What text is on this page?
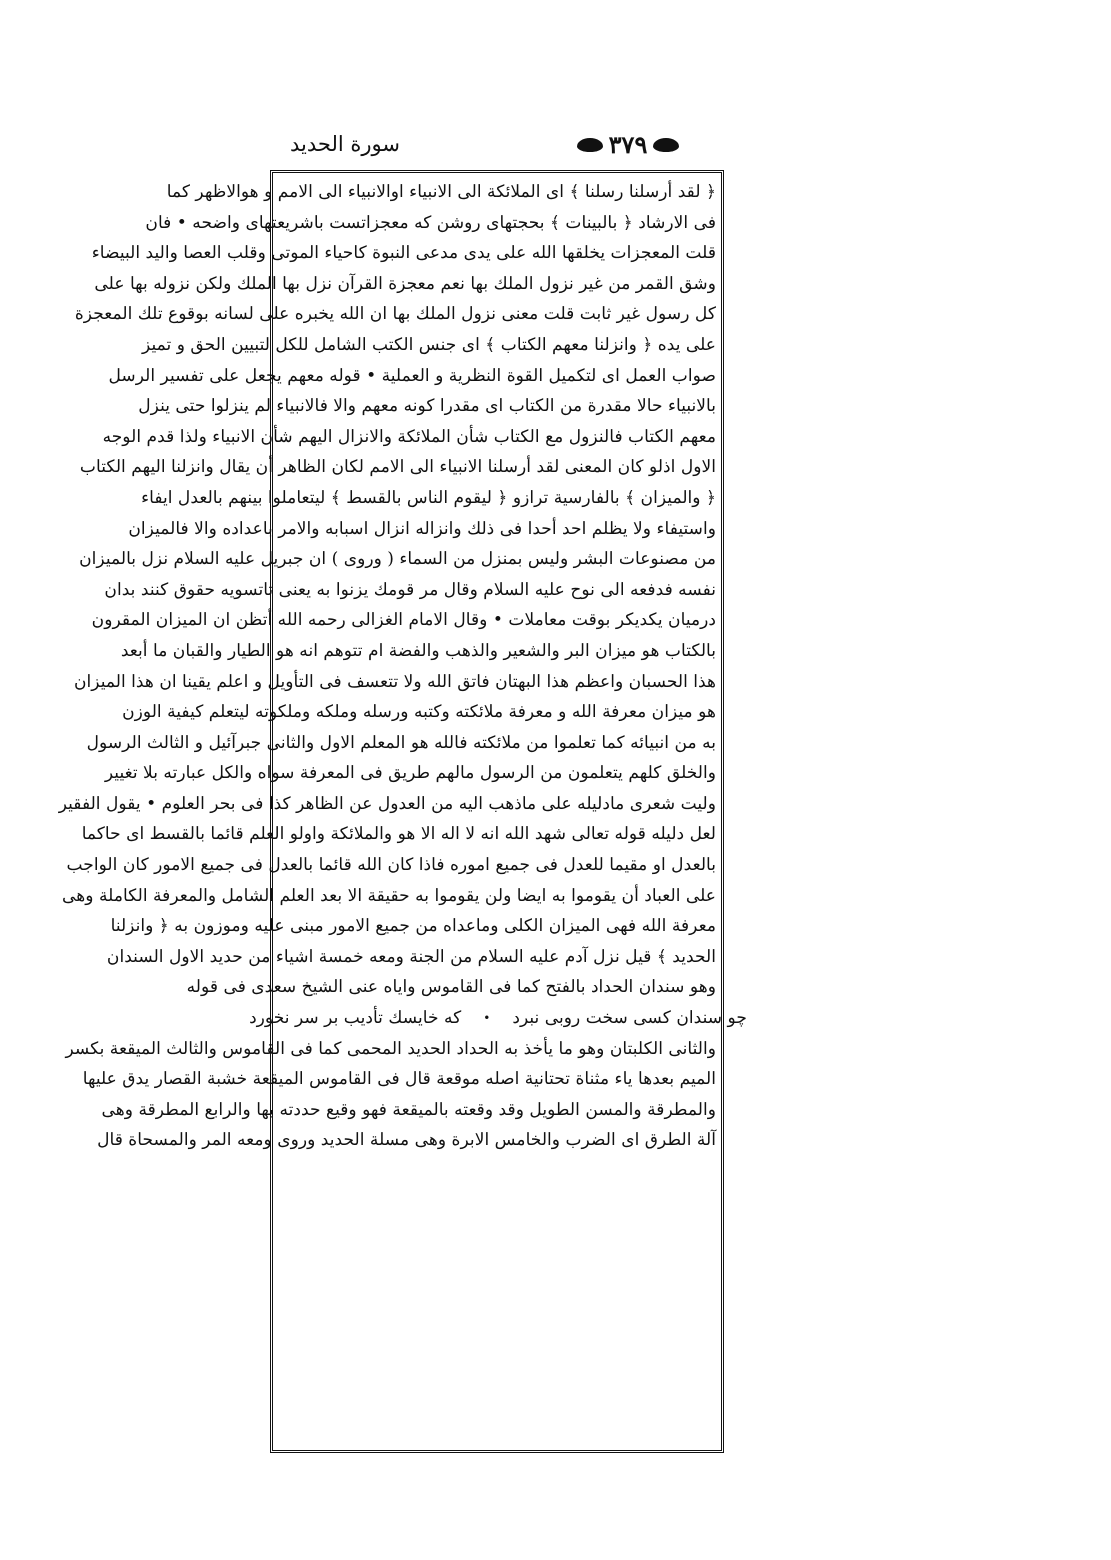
سورة الحديد	٣٧٩
﴿ لقد أرسلنا رسلنا ﴾ اى الملائكة الى الانبياء اوالانبياء الى الامم و هوالاظهر كما
فى الارشاد ﴿ بالبينات ﴾ بحجتهاى روشن كه معجزاتست باشريعتهاى واضحه • فان
قلت المعجزات يخلقها الله على يدى مدعى النبوة كاحياء الموتى وقلب العصا واليد البيضاء
وشق القمر من غير نزول الملك بها نعم معجزة القرآن نزل بها الملك ولكن نزوله بها على
كل رسول غير ثابت قلت معنى نزول الملك بها ان الله يخبره على لسانه بوقوع تلك المعجزة
على يده ﴿ وانزلنا معهم الكتاب ﴾ اى جنس الكتب الشامل للكل لتبيين الحق و تميز
صواب العمل اى لتكميل القوة النظرية و العملية • قوله معهم يجعل على تفسير الرسل
بالانبياء حالا مقدرة من الكتاب اى مقدرا كونه معهم والا فالانبياء لم ينزلوا حتى ينزل
معهم الكتاب فالنزول مع الكتاب شأن الملائكة والانزال اليهم شأن الانبياء ولذا قدم الوجه
الاول اذلو كان المعنى لقد أرسلنا الانبياء الى الامم لكان الظاهر أن يقال وانزلنا اليهم الكتاب
﴿ والميزان ﴾ بالفارسية ترازو ﴿ ليقوم الناس بالقسط ﴾ ليتعاملوا بينهم بالعدل ايفاء
واستيفاء ولا يظلم احد أحدا فى ذلك وانزاله انزال اسبابه والامر باعداده والا فالميزان
من مصنوعات البشر وليس بمنزل من السماء ( وروى ) ان جبريل عليه السلام نزل بالميزان
نفسه فدفعه الى نوح عليه السلام وقال مر قومك يزنوا به يعنى تاتسويه حقوق كنند بدان
درميان يكديكر بوقت معاملات • وقال الامام الغزالى رحمه الله أتظن ان الميزان المقرون
بالكتاب هو ميزان البر والشعير والذهب والفضة ام تتوهم انه هو الطيار والقبان ما أبعد
هذا الحسبان واعظم هذا البهتان فاتق الله ولا تتعسف فى التأويل و اعلم يقينا ان هذا الميزان
هو ميزان معرفة الله و معرفة ملائكته وكتبه ورسله وملكه وملكوته ليتعلم كيفية الوزن
به من انبيائه كما تعلموا من ملائكته فالله هو المعلم الاول والثانى جبرآئيل و الثالث الرسول
والخلق كلهم يتعلمون من الرسول مالهم طريق فى المعرفة سواه والكل عبارته بلا تغيير
وليت شعرى مادليله على ماذهب اليه من العدول عن الظاهر كذا فى بحر العلوم • يقول الفقير
لعل دليله قوله تعالى شهد الله انه لا اله الا هو والملائكة واولو العلم قائما بالقسط اى حاكما
بالعدل او مقيما للعدل فى جميع اموره فاذا كان الله قائما بالعدل فى جميع الامور كان الواجب
على العباد أن يقوموا به ايضا ولن يقوموا به حقيقة الا بعد العلم الشامل والمعرفة الكاملة وهى
معرفة الله فهى الميزان الكلى وماعداه من جميع الامور مبنى عليه وموزون به ﴿ وانزلنا
الحديد ﴾ قيل نزل آدم عليه السلام من الجنة ومعه خمسة اشياء من حديد الاول السندان
وهو سندان الحداد بالفتح كما فى القاموس واياه عنى الشيخ سعدى فى قوله
چو سندان كسى سخت روبى نبرد
•
كه خايسك تأديب بر سر نخورد
والثانى الكلبتان وهو ما يأخذ به الحداد الحديد المحمى كما فى القاموس والثالث الميقعة بكسر
الميم بعدها ياء مثناة تحتانية اصله موقعة قال فى القاموس الميقعة خشبة القصار يدق عليها
والمطرقة والمسن الطويل وقد وقعته بالميقعة فهو وقيع حددته بها والرابع المطرقة وهى
آلة الطرق اى الضرب والخامس الابرة وهى مسلة الحديد وروى ومعه المر والمسحاة قال
